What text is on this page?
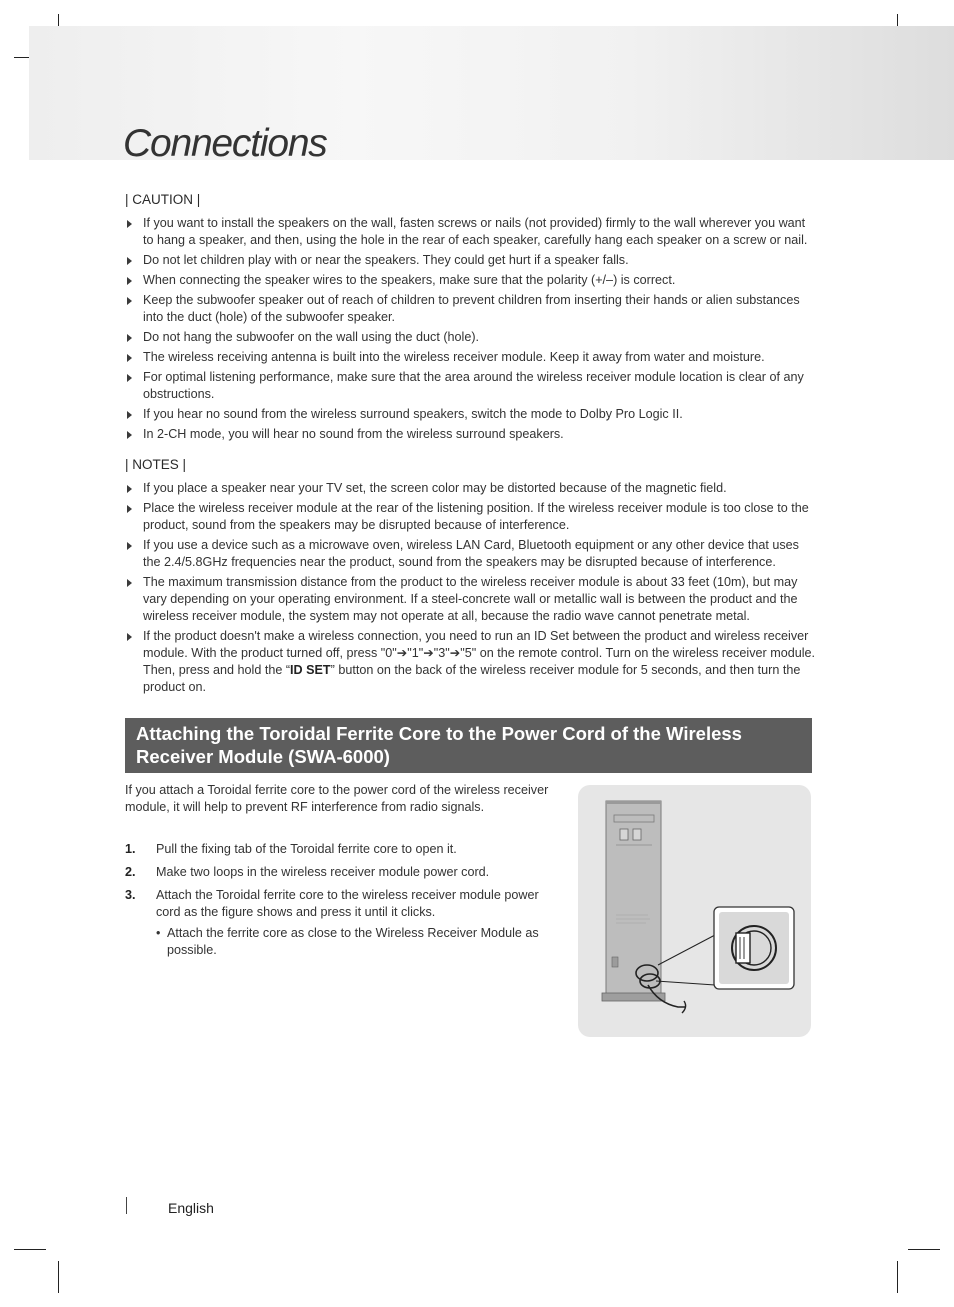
Connections

| CAUTION |

If you want to install the speakers on the wall, fasten screws or nails (not provided) firmly to the wall wherever you want to hang a speaker, and then, using the hole in the rear of each speaker, carefully hang each speaker on a screw or nail.
Do not let children play with or near the speakers. They could get hurt if a speaker falls.
When connecting the speaker wires to the speakers, make sure that the polarity (+/–) is correct.
Keep the subwoofer speaker out of reach of children to prevent children from inserting their hands or alien substances into the duct (hole) of the subwoofer speaker.
Do not hang the subwoofer on the wall using the duct (hole).
The wireless receiving antenna is built into the wireless receiver module. Keep it away from water and moisture.
For optimal listening performance, make sure that the area around the wireless receiver module location is clear of any obstructions.
If you hear no sound from the wireless surround speakers, switch the mode to Dolby Pro Logic II.
In 2-CH mode, you will hear no sound from the wireless surround speakers.

| NOTES |

If you place a speaker near your TV set, the screen color may be distorted because of the magnetic field.
Place the wireless receiver module at the rear of the listening position. If the wireless receiver module is too close to the product, sound from the speakers may be disrupted because of interference.
If you use a device such as a microwave oven, wireless LAN Card, Bluetooth equipment or any other device that uses the 2.4/5.8GHz frequencies near the product, sound from the speakers may be disrupted because of interference.
The maximum transmission distance from the product to the wireless receiver module is about 33 feet (10m), but may vary depending on your operating environment. If a steel-concrete wall or metallic wall is between the product and the wireless receiver module, the system may not operate at all, because the radio wave cannot penetrate metal.
If the product doesn't make a wireless connection, you need to run an ID Set between the product and wireless receiver module. With the product turned off, press "0"➔"1"➔"3"➔"5" on the remote control. Turn on the wireless receiver module. Then, press and hold the “ID SET” button on the back of the wireless receiver module for 5 seconds, and then turn the product on.
Attaching the Toroidal Ferrite Core to the Power Cord of the Wireless Receiver Module (SWA-6000)

If you attach a Toroidal ferrite core to the power cord of the wireless receiver module, it will help to prevent RF interference from radio signals.

1. Pull the fixing tab of the Toroidal ferrite core to open it.
2. Make two loops in the wireless receiver module power cord.
3. Attach the Toroidal ferrite core to the wireless receiver module power cord as the figure shows and press it until it clicks.
• Attach the ferrite core as close to the Wireless Receiver Module as possible.
English
